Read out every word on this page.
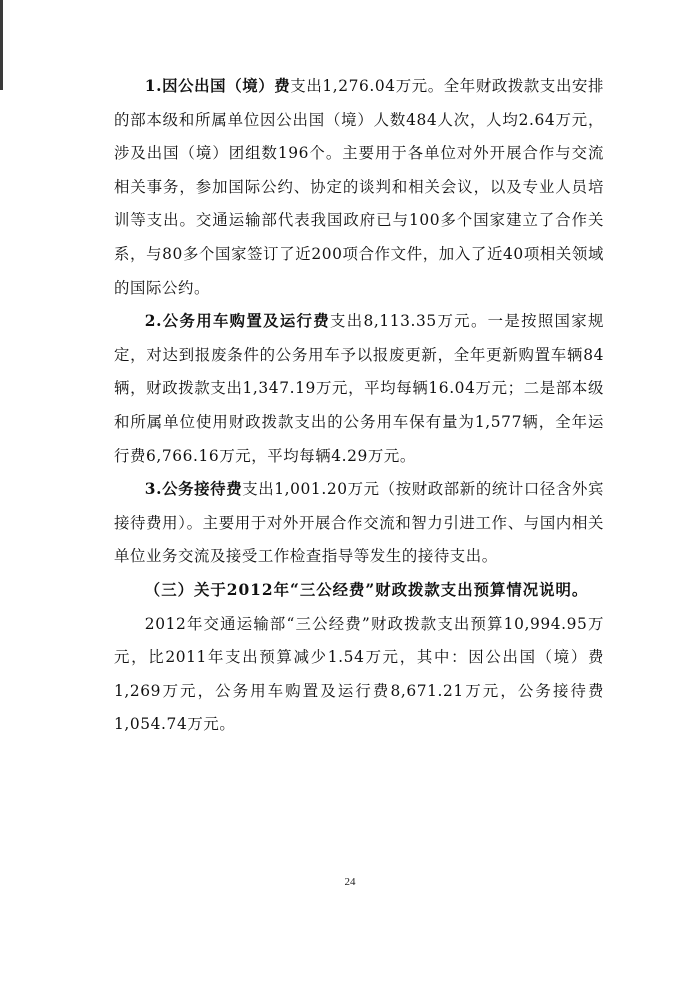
1.因公出国（境）费支出1,276.04万元。全年财政拨款支出安排的部本级和所属单位因公出国（境）人数484人次，人均2.64万元，涉及出国（境）团组数196个。主要用于各单位对外开展合作与交流相关事务，参加国际公约、协定的谈判和相关会议，以及专业人员培训等支出。交通运输部代表我国政府已与100多个国家建立了合作关系，与80多个国家签订了近200项合作文件，加入了近40项相关领域的国际公约。

2.公务用车购置及运行费支出8,113.35万元。一是按照国家规定，对达到报废条件的公务用车予以报废更新，全年更新购置车辆84辆，财政拨款支出1,347.19万元，平均每辆16.04万元；二是部本级和所属单位使用财政拨款支出的公务用车保有量为1,577辆，全年运行费6,766.16万元，平均每辆4.29万元。

3.公务接待费支出1,001.20万元（按财政部新的统计口径含外宾接待费用）。主要用于对外开展合作交流和智力引进工作、与国内相关单位业务交流及接受工作检查指导等发生的接待支出。

（三）关于2012年“三公经费”财政拨款支出预算情况说明。

2012年交通运输部“三公经费”财政拨款支出预算10,994.95万元，比2011年支出预算减少1.54万元，其中：因公出国（境）费1,269万元，公务用车购置及运行费8,671.21万元，公务接待费1,054.74万元。

24
